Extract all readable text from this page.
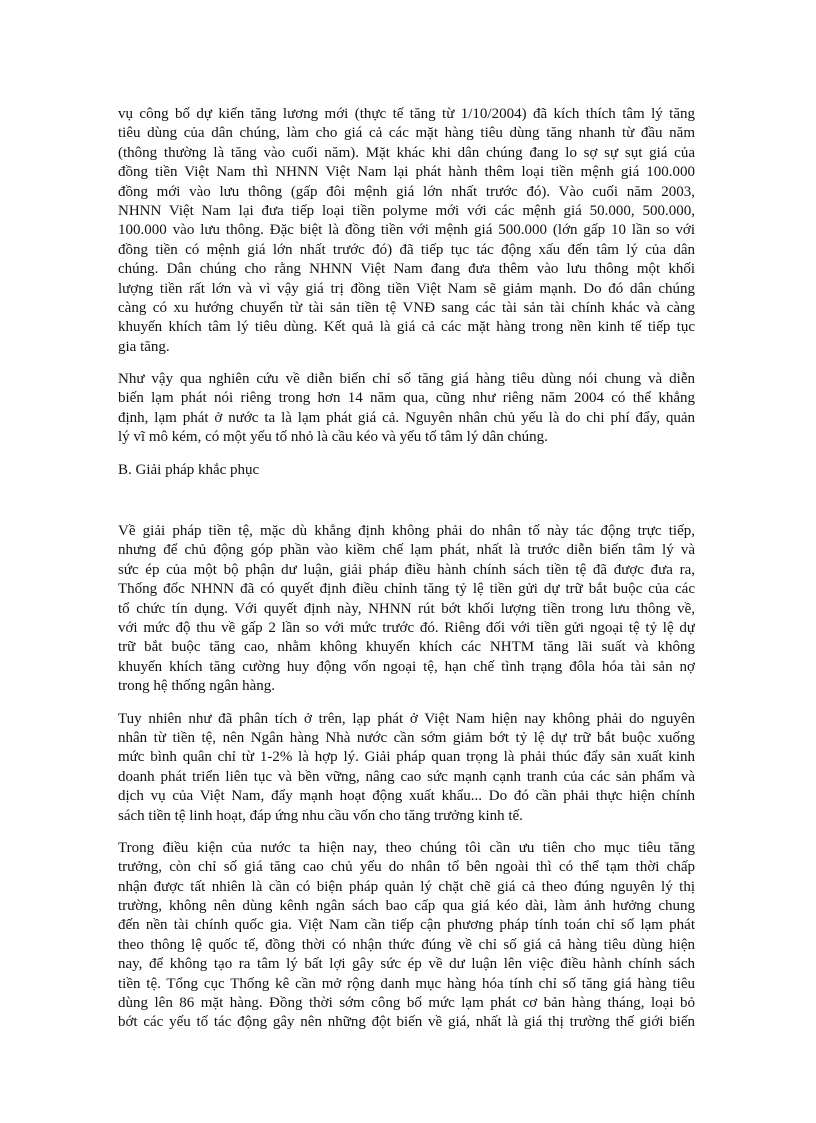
vụ công bố dự kiến tăng lương mới (thực tế tăng từ 1/10/2004) đã kích thích tâm lý tăng
tiêu dùng của dân chúng, làm cho giá cả các mặt hàng tiêu dùng tăng nhanh từ đầu năm
(thông thường là tăng vào cuối năm). Mặt khác khi dân chúng đang lo sợ sự sụt giá của
đồng tiền Việt Nam thì NHNN Việt Nam lại phát hành thêm loại tiền mệnh giá 100.000
đồng mới vào lưu thông (gấp đôi mệnh giá lớn nhất trước đó). Vào cuối năm 2003,
NHNN Việt Nam lại đưa tiếp loại tiền polyme mới với các mệnh giá 50.000, 500.000,
100.000 vào lưu thông. Đặc biệt là đồng tiền với mệnh giá 500.000 (lớn gấp 10 lần so với
đồng tiền có mệnh giá lớn nhất trước đó) đã tiếp tục tác động xấu đến tâm lý của dân
chúng. Dân chúng cho rằng NHNN Việt Nam đang đưa thêm vào lưu thông một khối
lượng tiền rất lớn và vì vậy giá trị đồng tiền Việt Nam sẽ giảm mạnh. Do đó dân chúng
càng có xu hướng chuyển từ tài sản tiền tệ VNĐ sang các tài sản tài chính khác và càng
khuyến khích tâm lý tiêu dùng. Kết quả là giá cả các mặt hàng trong nền kinh tế tiếp tục
gia tăng.
Như vậy qua nghiên cứu về diễn biến chỉ số tăng giá hàng tiêu dùng nói chung và diễn
biến lạm phát nói riêng trong hơn 14 năm qua, cũng như riêng năm 2004 có thể khẳng
định, lạm phát ở nước ta là lạm phát giá cả. Nguyên nhân chủ yếu là do chi phí đẩy, quản
lý vĩ mô kém, có một yếu tố nhỏ là cầu kéo và yếu tố tâm lý dân chúng.
B. Giải pháp khắc phục
Về giải pháp tiền tệ, mặc dù khẳng định không phải do nhân tố này tác động trực tiếp,
nhưng để chủ động góp phần vào kiềm chế lạm phát, nhất là trước diễn biến tâm lý và
sức ép của một bộ phận dư luận, giải pháp điều hành chính sách tiền tệ đã được đưa ra,
Thống đốc NHNN đã có quyết định điều chỉnh tăng tỷ lệ tiền gửi dự trữ bắt buộc của các
tổ chức tín dụng. Với quyết định này, NHNN rút bớt khối lượng tiền trong lưu thông về,
với mức độ thu về gấp 2 lần so với mức trước đó. Riêng đối với tiền gửi ngoại tệ tỷ lệ dự
trữ bắt buộc tăng cao, nhằm không khuyến khích các NHTM tăng lãi suất và không
khuyến khích tăng cường huy động vốn ngoại tệ, hạn chế tình trạng đôla hóa tài sản nợ
trong hệ thống ngân hàng.
Tuy nhiên như đã phân tích ở trên, lạp phát ở Việt Nam hiện nay không phải do nguyên
nhân từ tiền tệ, nên Ngân hàng Nhà nước cần sớm giảm bớt tỷ lệ dự trữ bắt buộc xuống
mức bình quân chỉ từ 1-2% là hợp lý. Giải pháp quan trọng là phải thúc đẩy sản xuất kinh
doanh phát triển liên tục và bền vững, nâng cao sức mạnh cạnh tranh của các sản phẩm và
dịch vụ của Việt Nam, đẩy mạnh hoạt động xuất khẩu... Do đó cần phải thực hiện chính
sách tiền tệ linh hoạt, đáp ứng nhu cầu vốn cho tăng trưởng kinh tế.
Trong điều kiện của nước ta hiện nay, theo chúng tôi cần ưu tiên cho mục tiêu tăng
trưởng, còn chỉ số giá tăng cao chủ yếu do nhân tố bên ngoài thì có thể tạm thời chấp
nhận được tất nhiên là cần có biện pháp quản lý chặt chẽ giá cả theo đúng nguyên lý thị
trường, không nên dùng kênh ngân sách bao cấp qua giá kéo dài, làm ảnh hưởng chung
đến nền tài chính quốc gia. Việt Nam cần tiếp cận phương pháp tính toán chỉ số lạm phát
theo thông lệ quốc tế, đồng thời có nhận thức đúng về chỉ số giá cả hàng tiêu dùng hiện
nay, để không tạo ra tâm lý bất lợi gây sức ép về dư luận lên việc điều hành chính sách
tiền tệ. Tổng cục Thống kê cần mở rộng danh mục hàng hóa tính chỉ số tăng giá hàng tiêu
dùng lên 86 mặt hàng. Đồng thời sớm công bố mức lạm phát cơ bản hàng tháng, loại bỏ
bớt các yếu tố tác động gây nên những đột biến về giá, nhất là giá thị trường thế giới biến
